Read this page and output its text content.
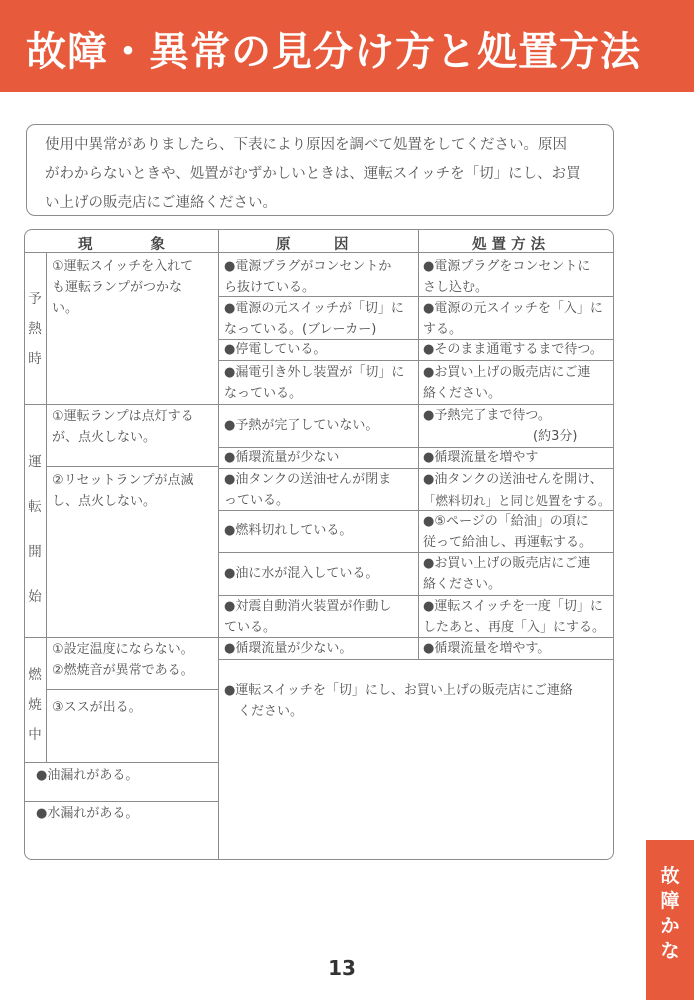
故障・異常の見分け方と処置方法
使用中異常がありましたら、下表により原因を調べて処置をしてください。原因
がわからないときや、処置がむずかしいときは、運転スイッチを「切」にし、お買
い上げの販売店にご連絡ください。
現　　　　象	原　　　因	処 置 方 法
予
熱
時
運
転
開
始
燃
焼
中
①運転スイッチを入れて
も運転ランプがつかな
い。
①運転ランプは点灯する
が、点火しない。
②リセットランプが点滅
し、点火しない。
①設定温度にならない。
②燃焼音が異常である。
③ススが出る。
●油漏れがある。
●水漏れがある。
●電源プラグがコンセントか
ら抜けている。
●電源の元スイッチが「切」に
なっている。(ブレーカー)
●停電している。
●漏電引き外し装置が「切」に
なっている。
●予熱が完了していない。
●循環流量が少ない
●油タンクの送油せんが閉ま
っている。
●燃料切れしている。
●油に水が混入している。
●対震自動消火装置が作動し
ている。
●循環流量が少ない。
●電源プラグをコンセントに
さし込む。
●電源の元スイッチを「入」に
する。
●そのまま通電するまで待つ。
●お買い上げの販売店にご連
絡ください。
●予熱完了まで待つ。
(約3分)
●循環流量を増やす
●油タンクの送油せんを開け、
「燃料切れ」と同じ処置をする。
●⑤ページの「給油」の項に
従って給油し、再運転する。
●お買い上げの販売店にご連
絡ください。
●運転スイッチを一度「切」に
したあと、再度「入」にする。
●循環流量を増やす。
●運転スイッチを「切」にし、お買い上げの販売店にご連絡
ください。
故
障
か
な
13
